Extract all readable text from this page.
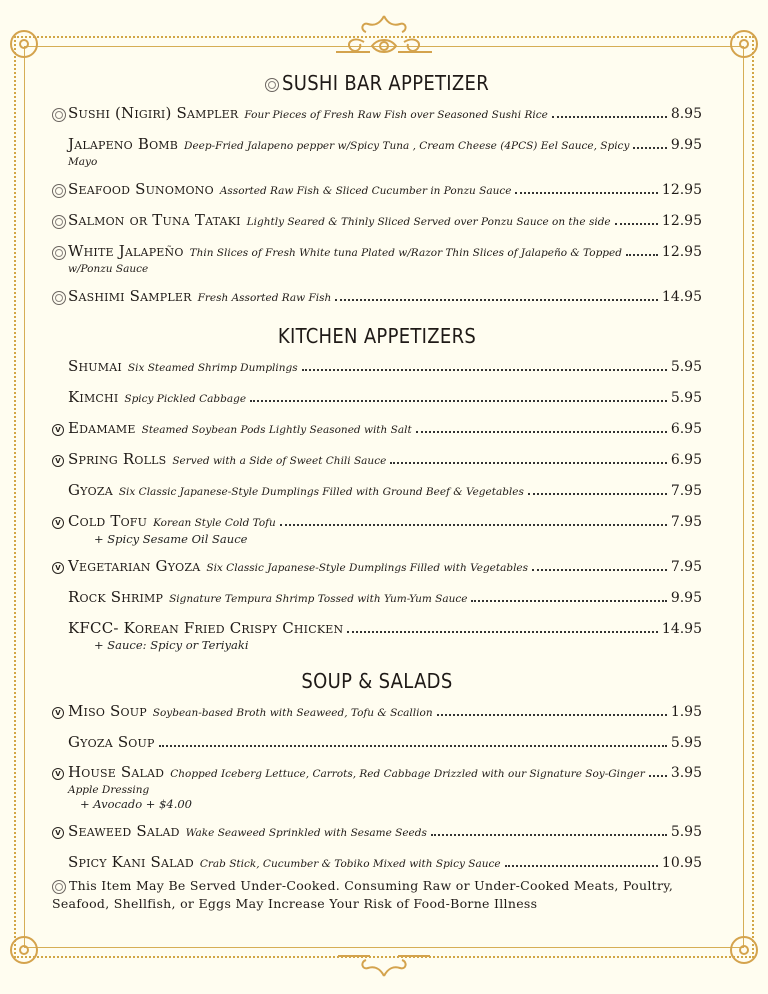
SUSHI BAR APPETIZER
Sushi (Nigiri) Sampler Four Pieces of Fresh Raw Fish over Seasoned Sushi Rice	8.95
Jalapeno Bomb Deep-Fried Jalapeno pepper w/Spicy Tuna , Cream Cheese (4PCS) Eel Sauce, Spicy	9.95
Mayo
Seafood Sunomono Assorted Raw Fish & Sliced Cucumber in Ponzu Sauce	12.95
Salmon or Tuna Tataki Lightly Seared & Thinly Sliced Served over Ponzu Sauce on the side	12.95
White Jalapeño Thin Slices of Fresh White tuna Plated w/Razor Thin Slices of Jalapeño & Topped	12.95
w/Ponzu Sauce
Sashimi Sampler Fresh Assorted Raw Fish	14.95
KITCHEN APPETIZERS
Shumai Six Steamed Shrimp Dumplings	5.95
Kimchi Spicy Pickled Cabbage	5.95
V Edamame Steamed Soybean Pods Lightly Seasoned with Salt	6.95
V Spring Rolls Served with a Side of Sweet Chili Sauce	6.95
Gyoza Six Classic Japanese-Style Dumplings Filled with Ground Beef & Vegetables	7.95
V Cold Tofu Korean Style Cold Tofu	7.95
+ Spicy Sesame Oil Sauce
V Vegetarian Gyoza Six Classic Japanese-Style Dumplings Filled with Vegetables	7.95
Rock Shrimp Signature Tempura Shrimp Tossed with Yum-Yum Sauce	9.95
KFCC- Korean Fried Crispy Chicken	14.95
+ Sauce: Spicy or Teriyaki
SOUP & SALADS
V Miso Soup Soybean-based Broth with Seaweed, Tofu & Scallion	1.95
Gyoza Soup	5.95
V House Salad Chopped Iceberg Lettuce, Carrots, Red Cabbage Drizzled with our Signature Soy-Ginger 3.95
Apple Dressing
+ Avocado + $4.00
V Seaweed Salad Wake Seaweed Sprinkled with Sesame Seeds	5.95
Spicy Kani Salad Crab Stick, Cucumber & Tobiko Mixed with Spicy Sauce	10.95
This Item May Be Served Under-Cooked. Consuming Raw or Under-Cooked Meats, Poultry, Seafood, Shellfish, or Eggs May Increase Your Risk of Food-Borne Illness
